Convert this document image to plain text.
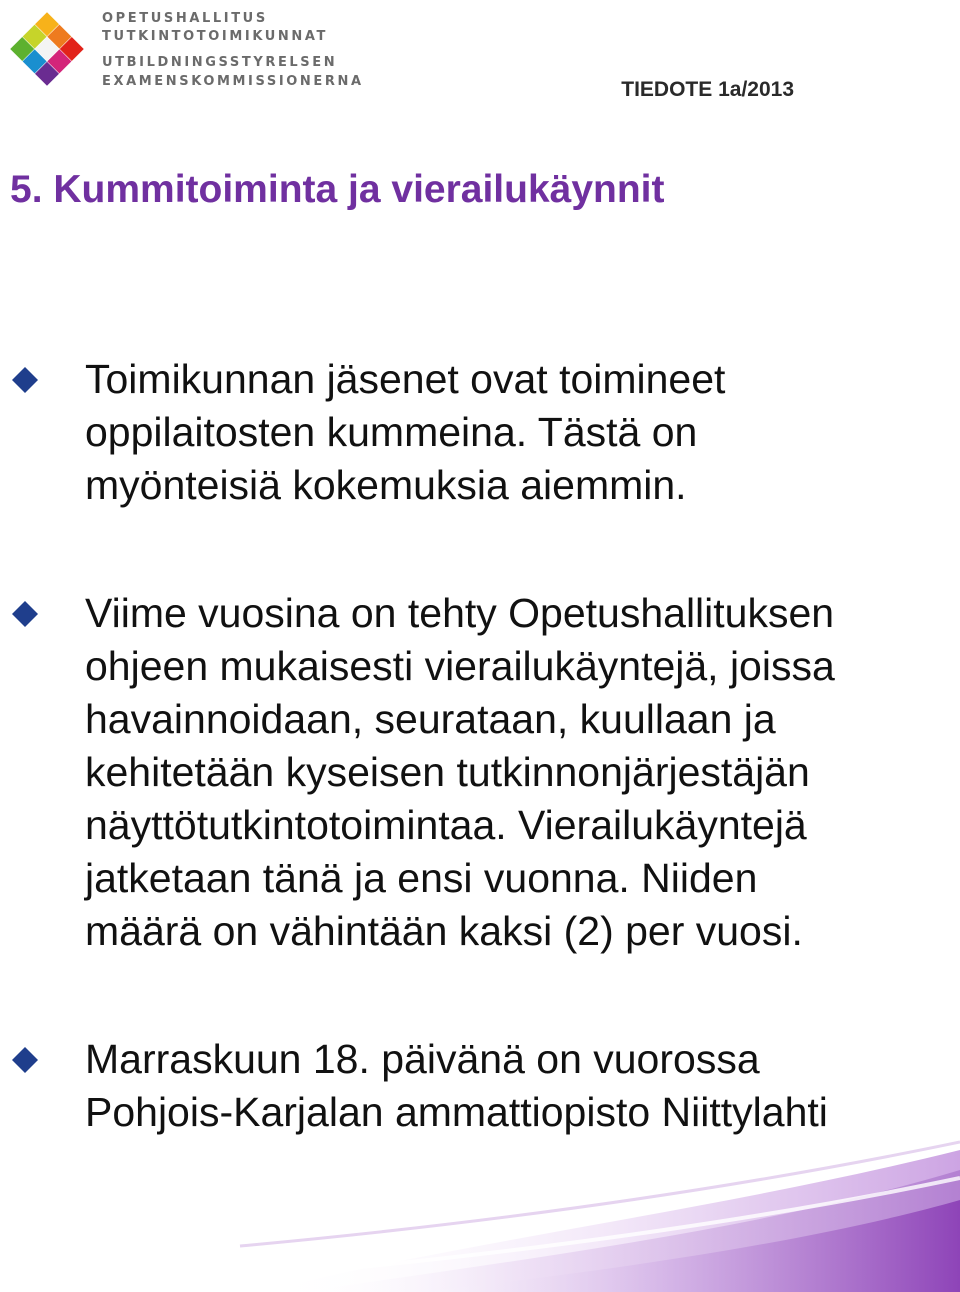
OPETUSHALLITUS

TUTKINTOTOIMIKUNNAT

UTBILDNINGSSTYRELSEN

EXAMENSKOMMISSIONERNA	TIEDOTE 1a/2013

5. Kummitoiminta ja vierailukäynnit

Toimikunnan jäsenet ovat toimineet
oppilaitosten kummeina. Tästä on
myönteisiä kokemuksia aiemmin.

Viime vuosina on tehty Opetushallituksen
ohjeen mukaisesti vierailukäyntejä, joissa
havainnoidaan, seurataan, kuullaan ja
kehitetään kyseisen tutkinnonjärjestäjän
näyttötutkintotoimintaa. Vierailukäyntejä
jatketaan tänä ja ensi vuonna. Niiden
määrä on vähintään kaksi (2) per vuosi.

Marraskuun 18. päivänä on vuorossa
Pohjois-Karjalan ammattiopisto Niittylahti
